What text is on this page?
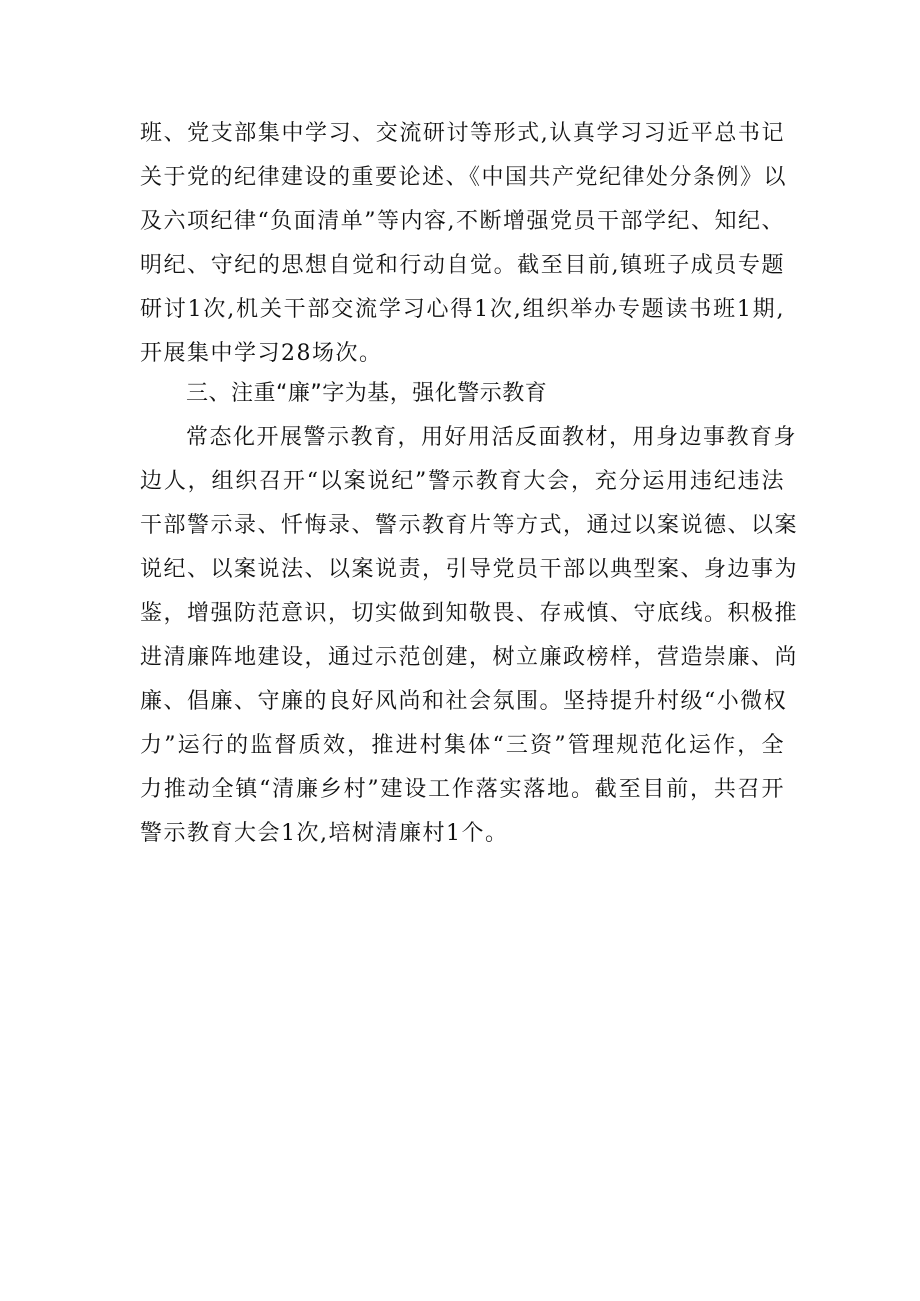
班、党支部集中学习、交流研讨等形式,认真学习习近平总书记
关于党的纪律建设的重要论述、《中国共产党纪律处分条例》以
及六项纪律“负面清单”等内容,不断增强党员干部学纪、知纪、
明纪、守纪的思想自觉和行动自觉。截至目前,镇班子成员专题
研讨1次,机关干部交流学习心得1次,组织举办专题读书班1期,
开展集中学习28场次。
三、注重“廉”字为基，强化警示教育
常态化开展警示教育，用好用活反面教材，用身边事教育身
边人，组织召开“以案说纪”警示教育大会，充分运用违纪违法
干部警示录、忏悔录、警示教育片等方式，通过以案说德、以案
说纪、以案说法、以案说责，引导党员干部以典型案、身边事为
鉴，增强防范意识，切实做到知敬畏、存戒慎、守底线。积极推
进清廉阵地建设，通过示范创建，树立廉政榜样，营造崇廉、尚
廉、倡廉、守廉的良好风尚和社会氛围。坚持提升村级“小微权
力”运行的监督质效，推进村集体“三资”管理规范化运作，全
力推动全镇“清廉乡村”建设工作落实落地。截至目前，共召开
警示教育大会1次,培树清廉村1个。
